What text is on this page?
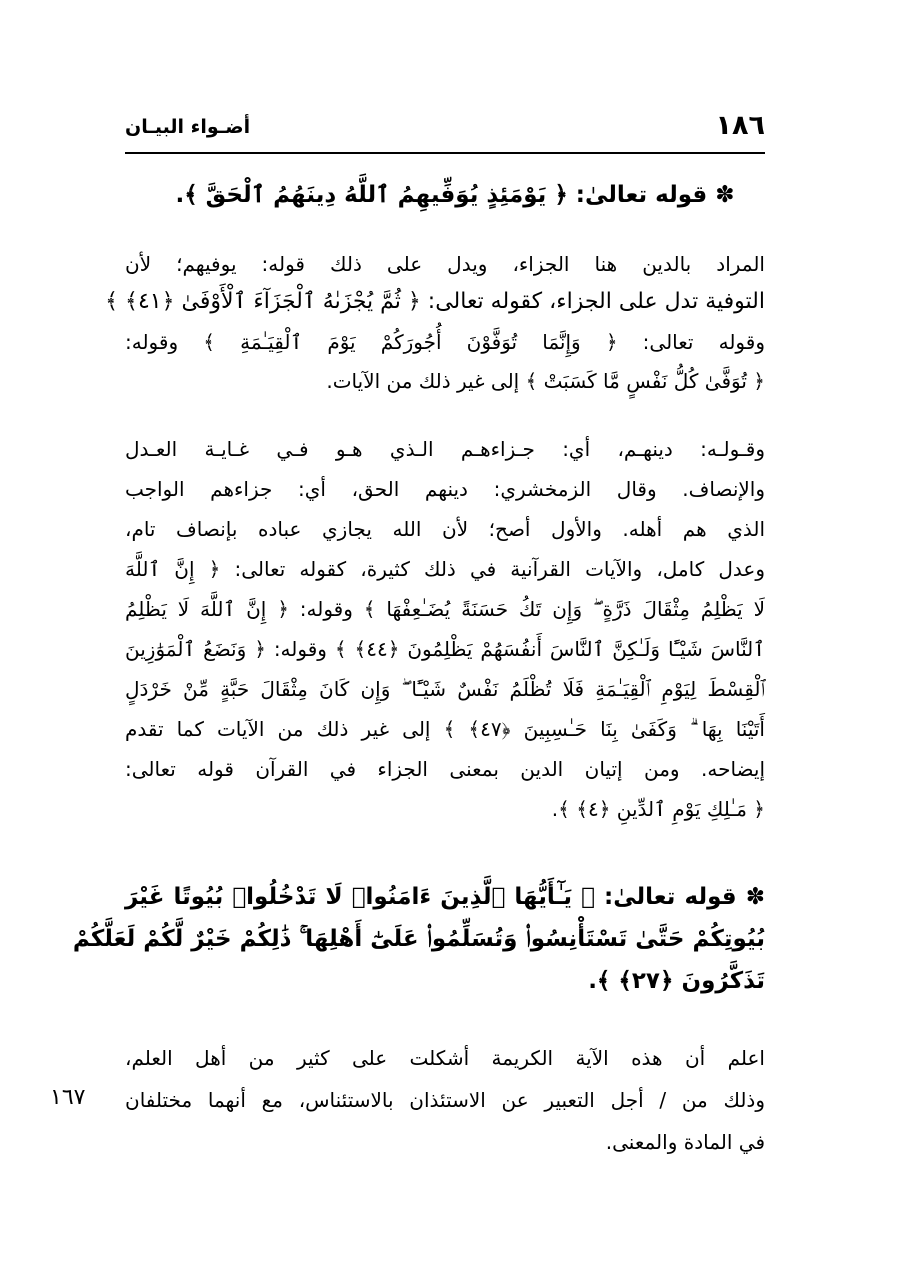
١٨٦
أضـواء البيـان
✽ قوله تعالىٰ: ﴿ يَوْمَئِذٍ يُوَفِّيهِمُ ٱللَّهُ دِينَهُمُ ٱلْحَقَّ ﴾.
المراد بالدين هنا الجزاء، ويدل على ذلك قوله: يوفيهم؛ لأن
التوفية تدل على الجزاء، كقوله تعالى: ﴿ ثُمَّ يُجْزَىٰهُ ٱلْجَزَآءَ ٱلْأَوْفَىٰ ﴿٤١﴾ ﴾
وقوله تعالى: ﴿ وَإِنَّمَا تُوَفَّوْنَ أُجُورَكُمْ يَوْمَ ٱلْقِيَـٰمَةِ ﴾ وقوله:
﴿ تُوَفَّىٰ كُلُّ نَفْسٍ مَّا كَسَبَتْ ﴾ إلى غير ذلك من الآيات.
وقـولـه: دينهـم، أي: جـزاءهـم الـذي هـو فـي غـايـة العـدل
والإنصاف. وقال الزمخشري: دينهم الحق، أي: جزاءهم الواجب
الذي هم أهله. والأول أصح؛ لأن الله يجازي عباده بإنصاف تام،
وعدل كامل، والآيات القرآنية في ذلك كثيرة، كقوله تعالى: ﴿ إِنَّ ٱللَّهَ
لَا يَظْلِمُ مِثْقَالَ ذَرَّةٍ ۖ وَإِن تَكُ حَسَنَةً يُضَـٰعِفْهَا ﴾ وقوله: ﴿ إِنَّ ٱللَّهَ لَا يَظْلِمُ
ٱلنَّاسَ شَيْـًٔا وَلَـٰكِنَّ ٱلنَّاسَ أَنفُسَهُمْ يَظْلِمُونَ ﴿٤٤﴾ ﴾ وقوله: ﴿ وَنَضَعُ ٱلْمَوَٰزِينَ
ٱلْقِسْطَ لِيَوْمِ ٱلْقِيَـٰمَةِ فَلَا تُظْلَمُ نَفْسٌ شَيْـًٔا ۖ وَإِن كَانَ مِثْقَالَ حَبَّةٍ مِّنْ خَرْدَلٍ
أَتَيْنَا بِهَا ۗ وَكَفَىٰ بِنَا حَـٰسِبِينَ ﴿٤٧﴾ ﴾ إلى غير ذلك من الآيات كما تقدم
إيضاحه. ومن إتيان الدين بمعنى الجزاء في القرآن قوله تعالى:
﴿ مَـٰلِكِ يَوْمِ ٱلدِّينِ ﴿٤﴾ ﴾.
✽ قوله تعالىٰ: ﴿ يَـٰٓأَيُّهَا ٱلَّذِينَ ءَامَنُوا۟ لَا تَدْخُلُوا۟ بُيُوتًا غَيْرَ
بُيُوتِكُمْ حَتَّىٰ تَسْتَأْنِسُوا۟ وَتُسَلِّمُوا۟ عَلَىٰٓ أَهْلِهَا ۚ ذَٰلِكُمْ خَيْرٌ لَّكُمْ لَعَلَّكُمْ
تَذَكَّرُونَ ﴿٢٧﴾ ﴾.
اعلم أن هذه الآية الكريمة أشكلت على كثير من أهل العلم،
وذلك من / أجل التعبير عن الاستئذان بالاستئناس، مع أنهما مختلفان
في المادة والمعنى.
١٦٧
